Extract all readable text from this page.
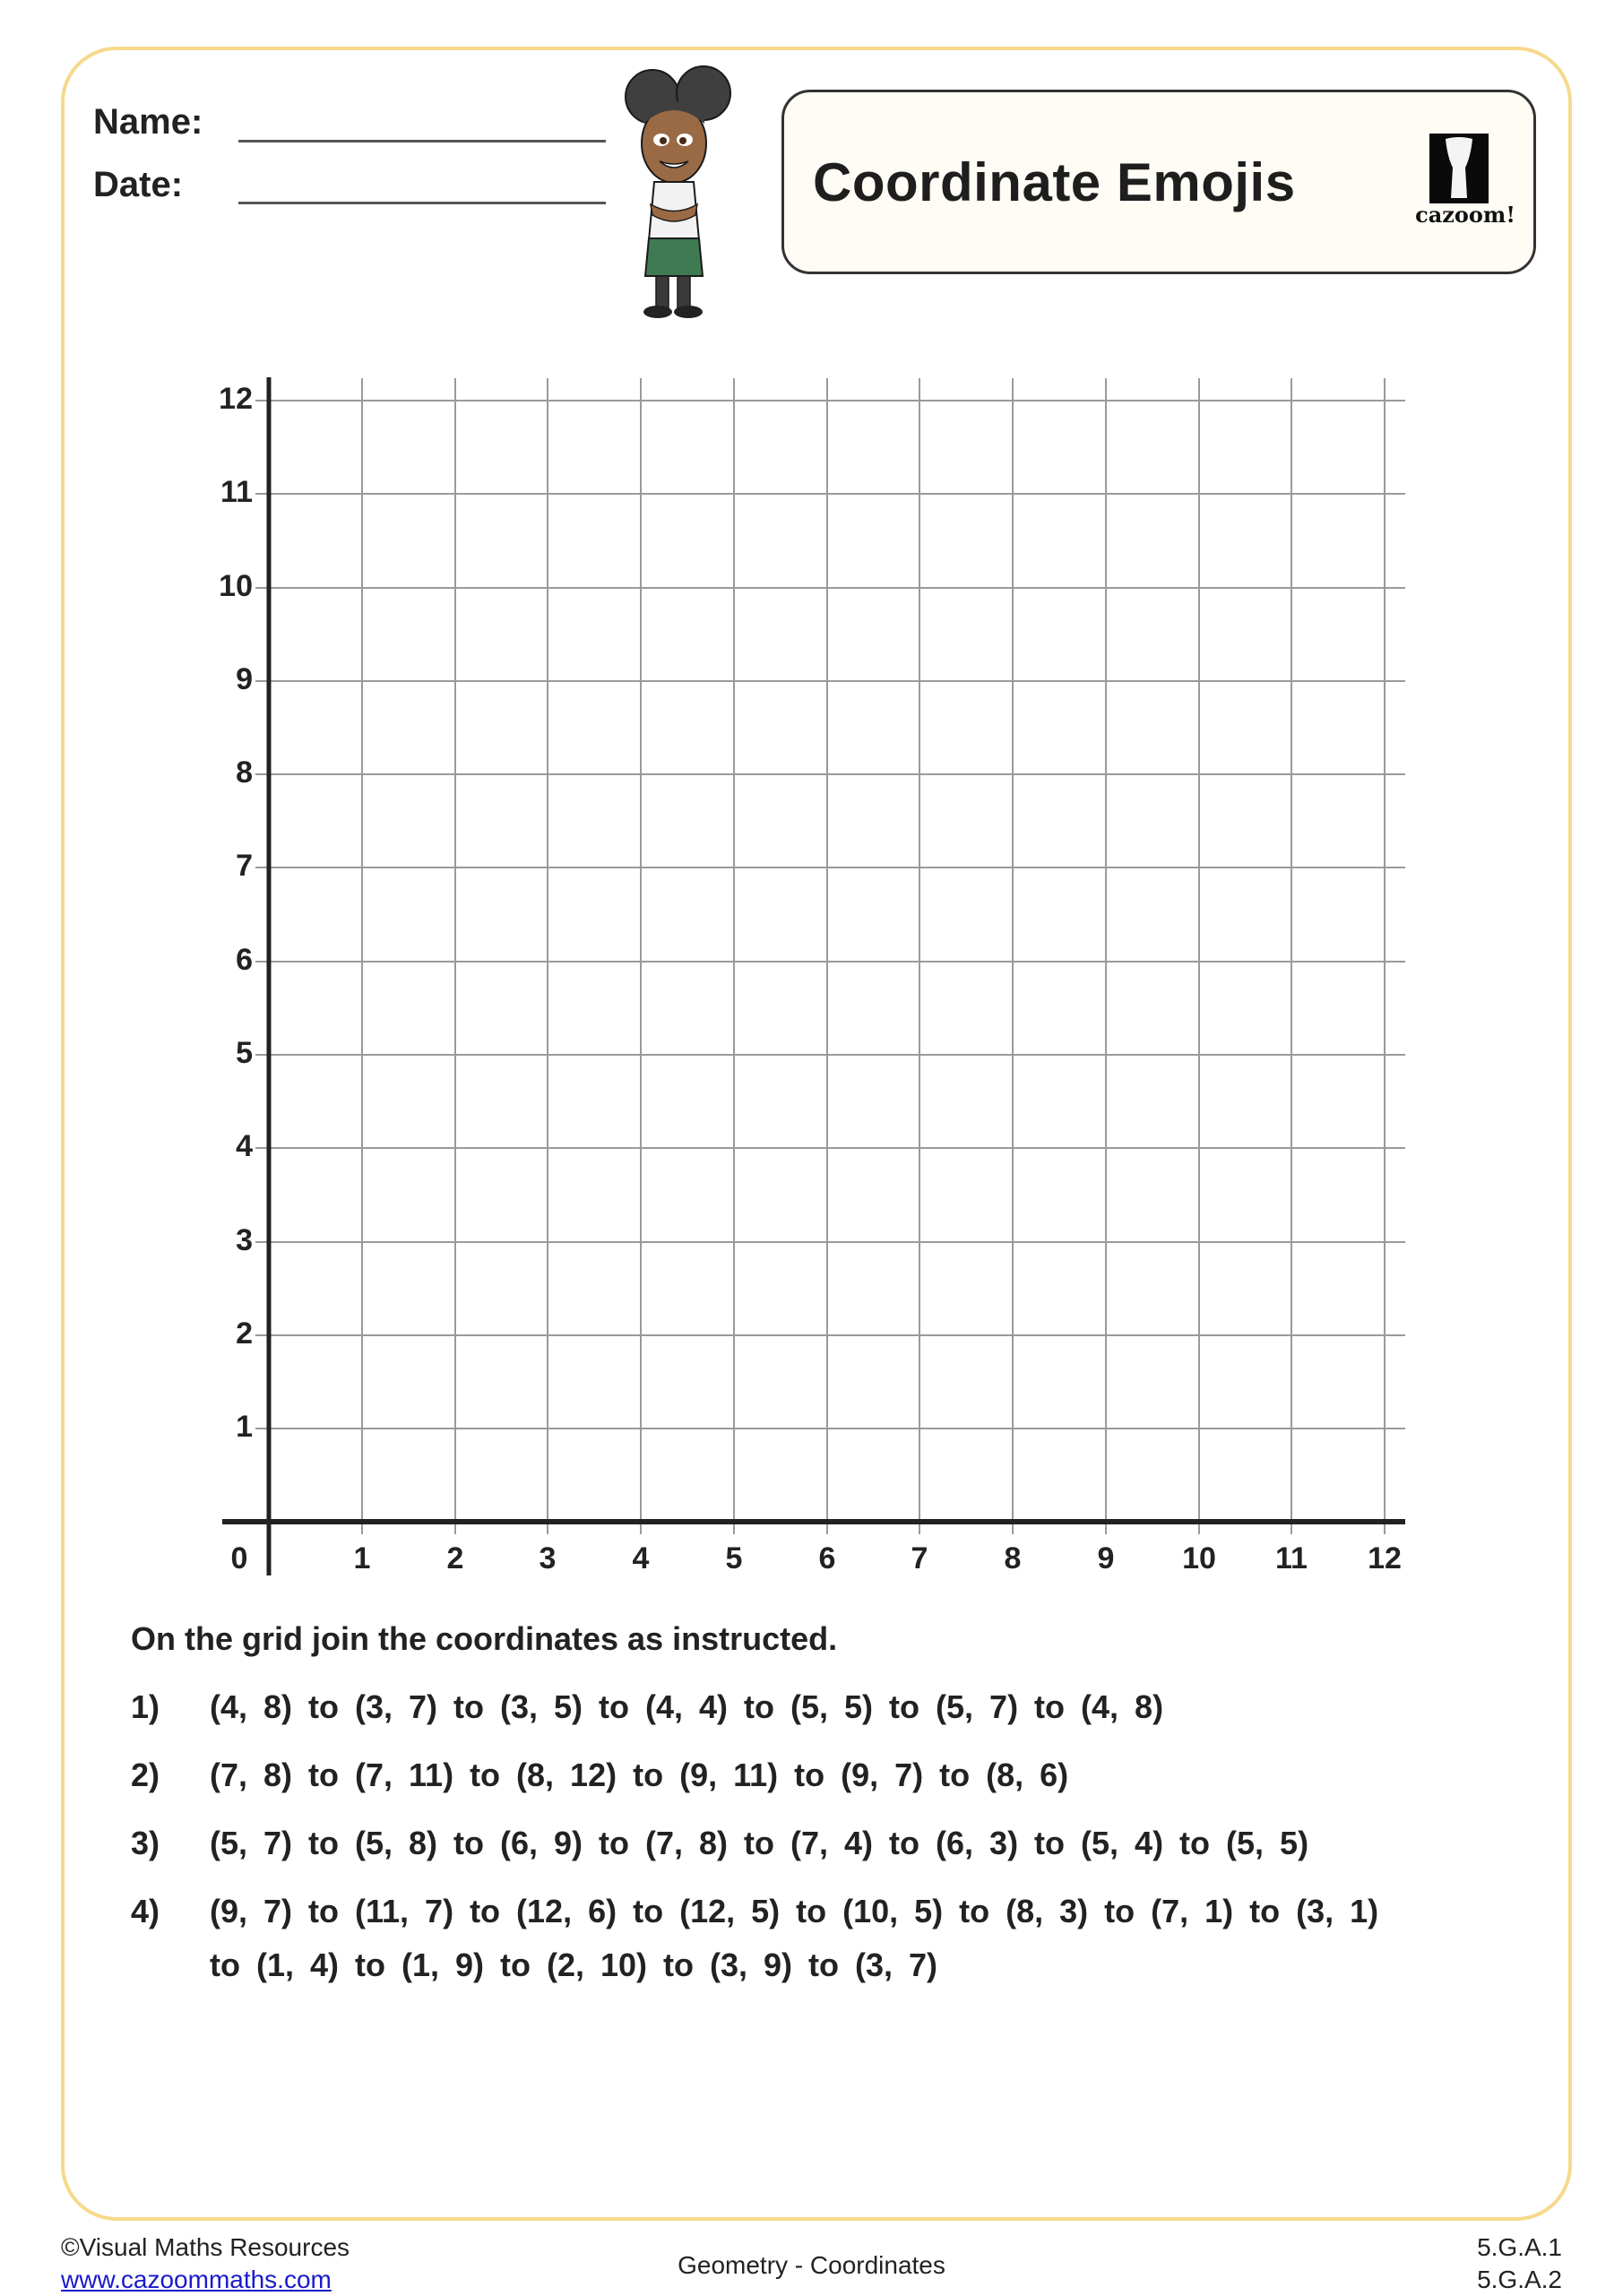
Name:
Date:	Coordinate Emojis
cazoom!
1
2
3
4
5
6
7
8
9
10
11
12
0	1	2	3	4	5	6	7	8	9	10	11	12
On the grid join the coordinates as instructed.
1) (4, 8) to (3, 7) to (3, 5) to (4, 4) to (5, 5) to (5, 7) to (4, 8)
2) (7, 8) to (7, 11) to (8, 12) to (9, 11) to (9, 7) to (8, 6)
3) (5, 7) to (5, 8) to (6, 9) to (7, 8) to (7, 4) to (6, 3) to (5, 4) to (5, 5)
4) (9, 7) to (11, 7) to (12, 6) to (12, 5) to (10, 5) to (8, 3) to (7, 1) to (3, 1)
to (1, 4) to (1, 9) to (2, 10) to (3, 9) to (3, 7)
©Visual Maths Resources
www.cazoommaths.com
Geometry - Coordinates
5.G.A.1
5.G.A.2
